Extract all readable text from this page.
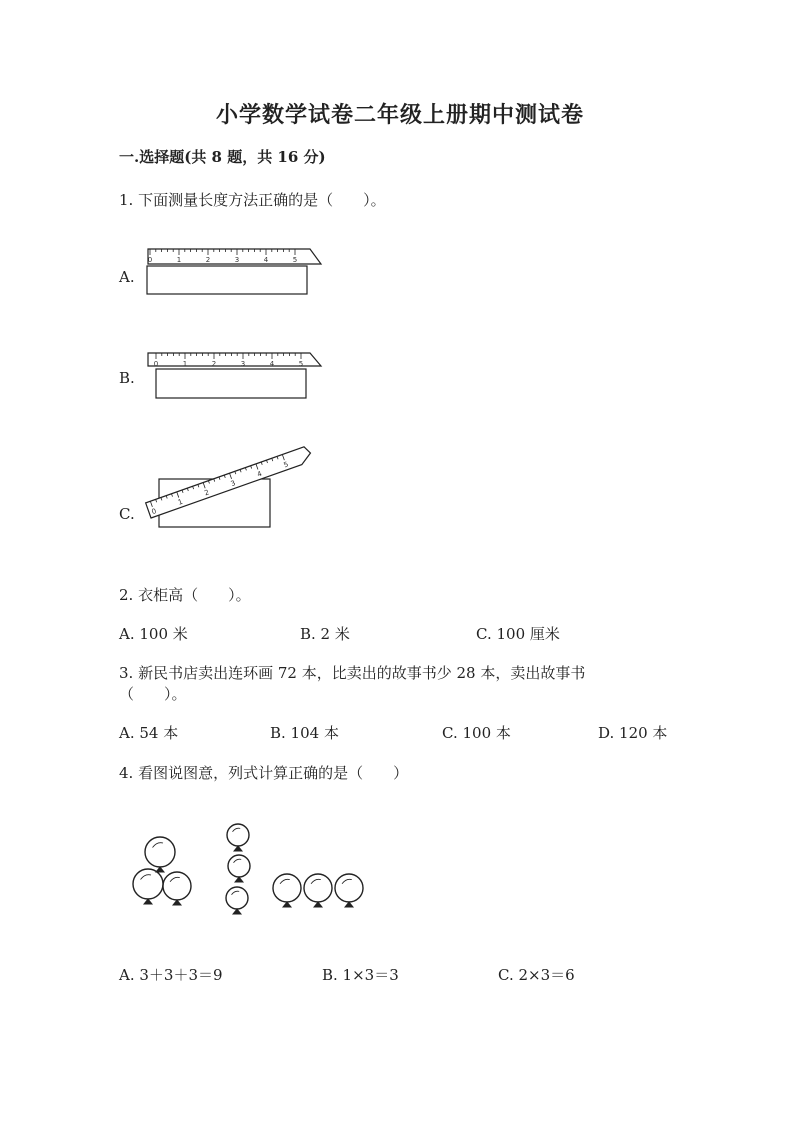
小学数学试卷二年级上册期中测试卷
一.选择题(共 8 题，共 16 分)
1. 下面测量长度方法正确的是（　　）。
A.
0	1	2	3	4	5
B.
0	1	2	3	4	5
C. 0
1
2
3
4
5
2. 衣柜高（　　）。
A. 100 米	B. 2 米	C. 100 厘米
3. 新民书店卖出连环画 72 本，比卖出的故事书少 28 本，卖出故事书
（　　）。
A. 54 本	B. 104 本	C. 100 本	D. 120 本
4. 看图说图意，列式计算正确的是（　　）
A. 3＋3＋3＝9	B. 1×3＝3	C. 2×3＝6
